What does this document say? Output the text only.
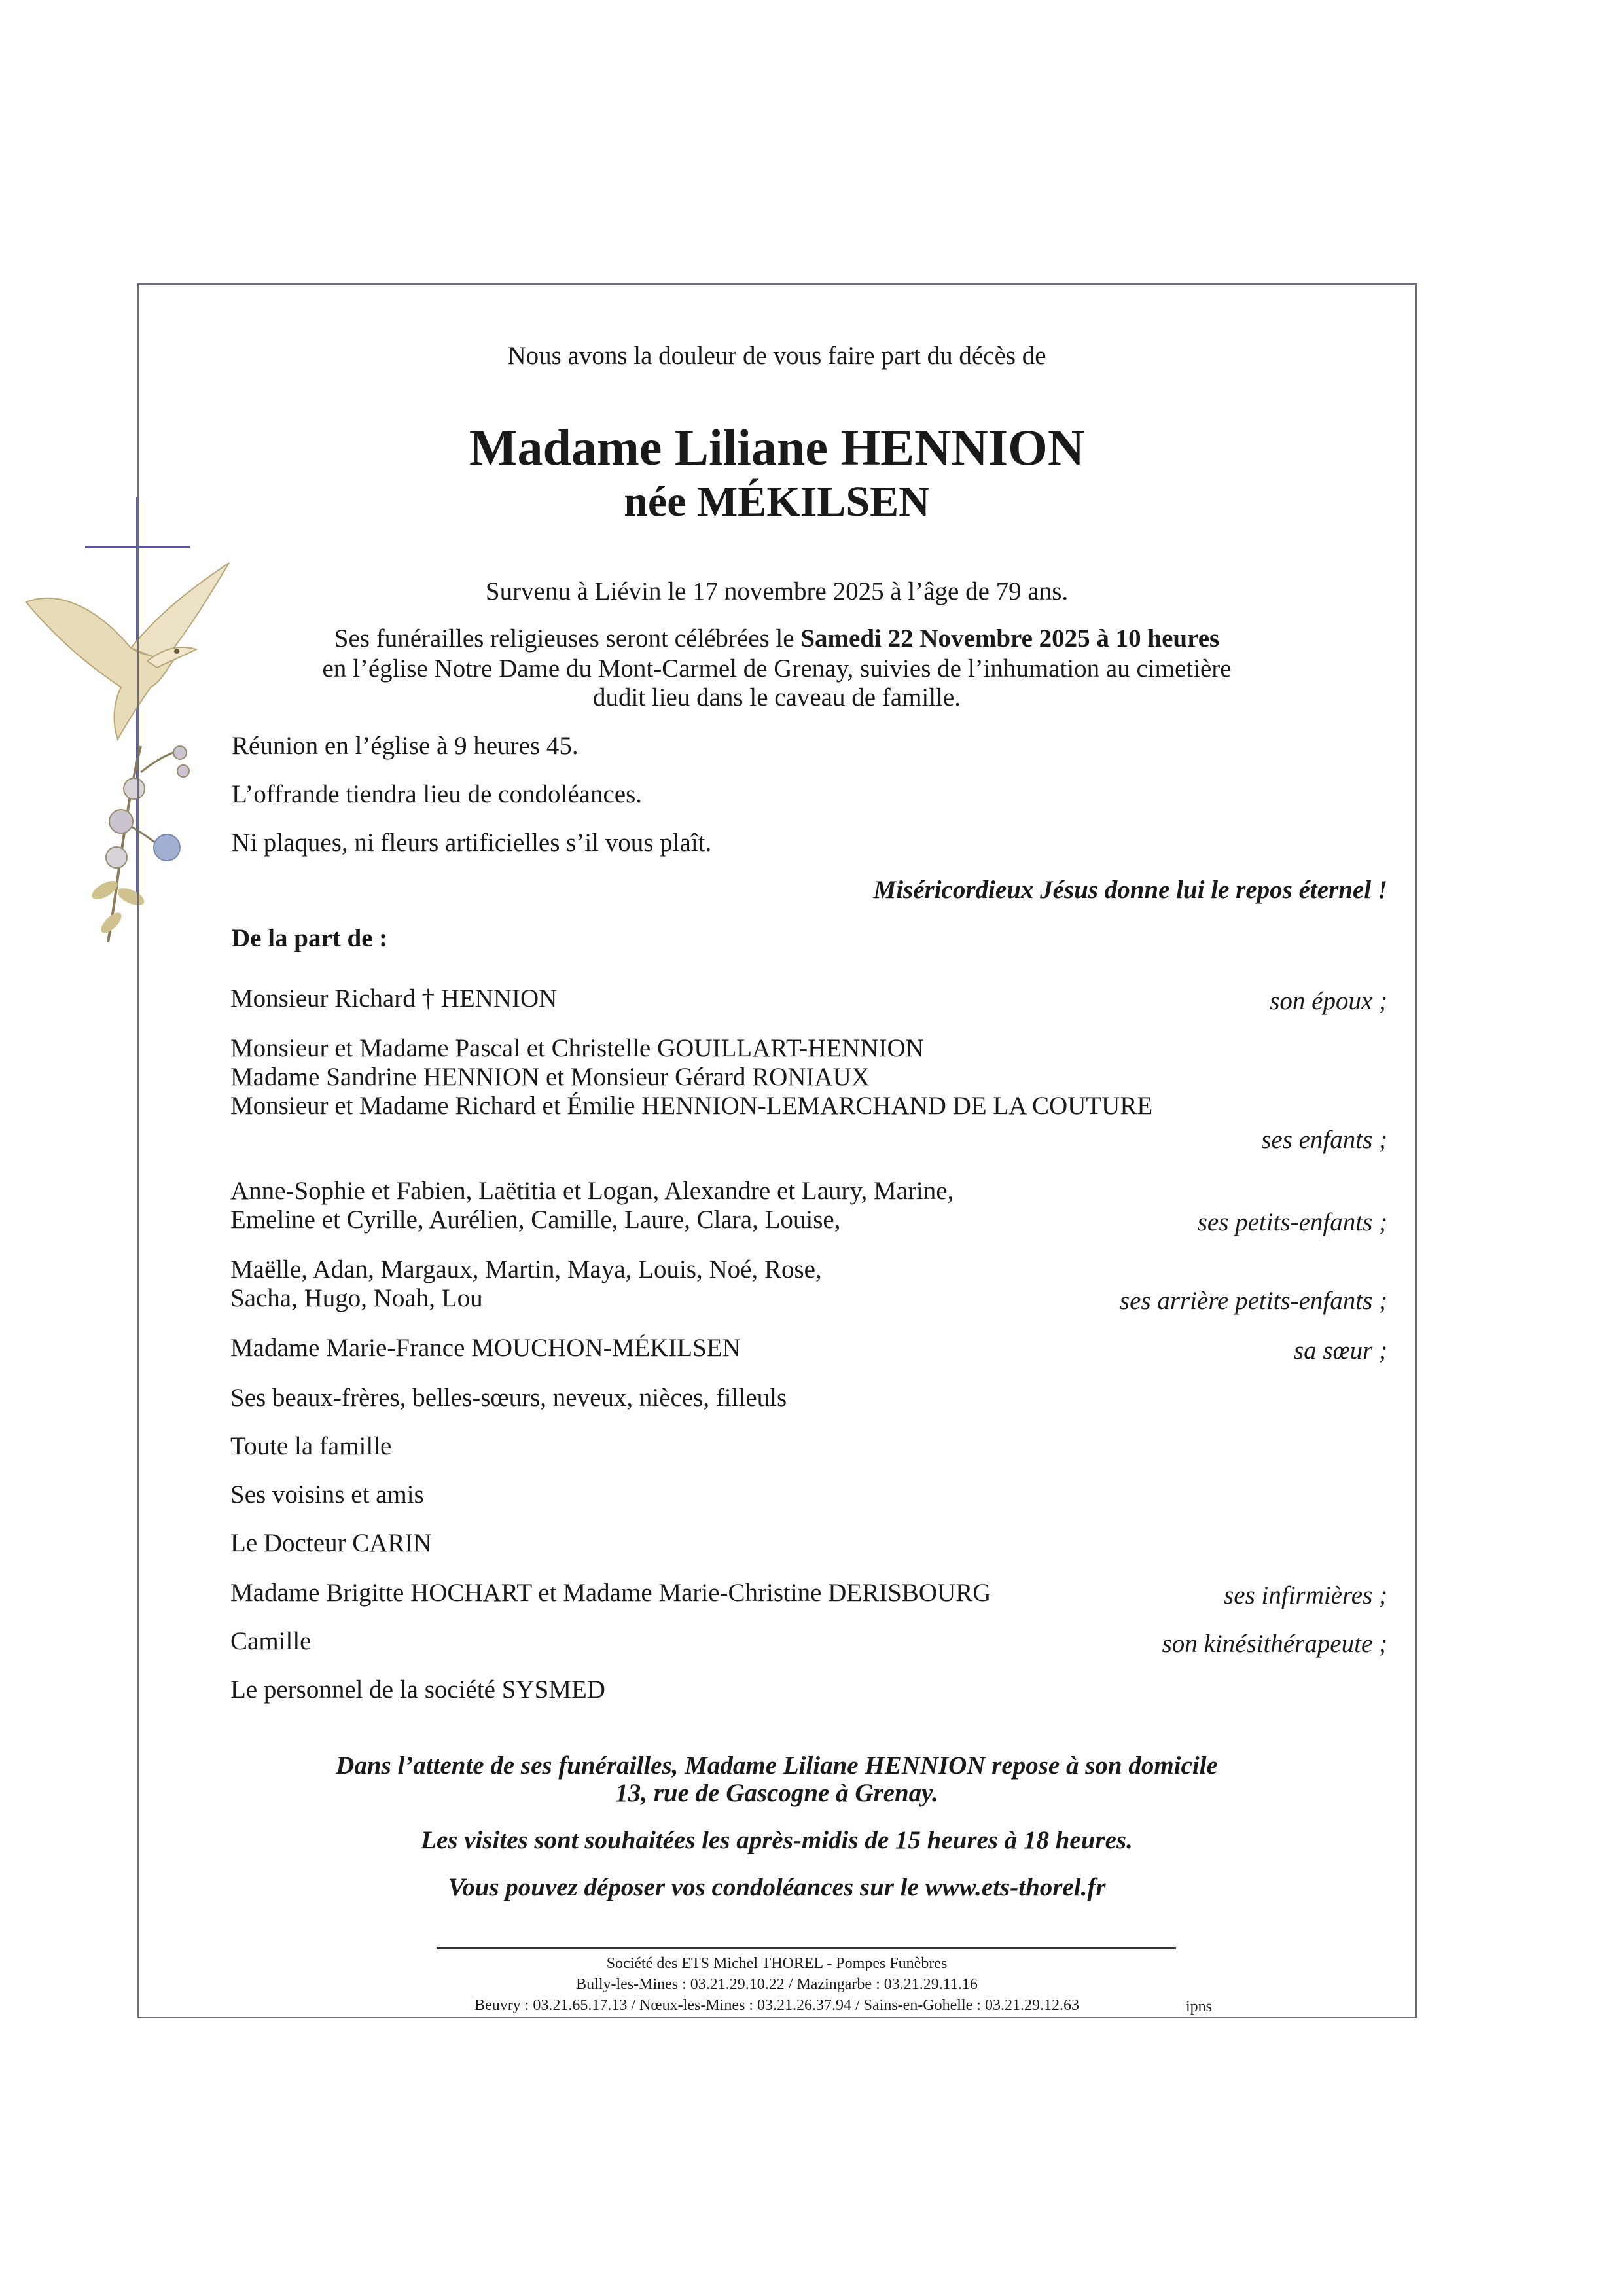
Nous avons la douleur de vous faire part du décès de
Madame Liliane HENNION
née MÉKILSEN
Survenu à Liévin le 17 novembre 2025 à l’âge de 79 ans.
Ses funérailles religieuses seront célébrées le Samedi 22 Novembre 2025 à 10 heures
en l’église Notre Dame du Mont-Carmel de Grenay, suivies de l’inhumation au cimetière
dudit lieu dans le caveau de famille.
Réunion en l’église à 9 heures 45.
L’offrande tiendra lieu de condoléances.
Ni plaques, ni fleurs artificielles s’il vous plaît.
Miséricordieux Jésus donne lui le repos éternel !
De la part de :
Monsieur Richard † HENNION	son époux ;
Monsieur et Madame Pascal et Christelle GOUILLART-HENNION
Madame Sandrine HENNION et Monsieur Gérard RONIAUX
Monsieur et Madame Richard et Émilie HENNION-LEMARCHAND DE LA COUTURE
ses enfants ;
Anne-Sophie et Fabien, Laëtitia et Logan, Alexandre et Laury, Marine,
Emeline et Cyrille, Aurélien, Camille, Laure, Clara, Louise,	ses petits-enfants ;
Maëlle, Adan, Margaux, Martin, Maya, Louis, Noé, Rose,
Sacha, Hugo, Noah, Lou	ses arrière petits-enfants ;
Madame Marie-France MOUCHON-MÉKILSEN	sa sœur ;
Ses beaux-frères, belles-sœurs, neveux, nièces, filleuls
Toute la famille
Ses voisins et amis
Le Docteur CARIN
Madame Brigitte HOCHART et Madame Marie-Christine DERISBOURG	ses infirmières ;
Camille	son kinésithérapeute ;
Le personnel de la société SYSMED
Dans l’attente de ses funérailles, Madame Liliane HENNION repose à son domicile
13, rue de Gascogne à Grenay.
Les visites sont souhaitées les après-midis de 15 heures à 18 heures.
Vous pouvez déposer vos condoléances sur le www.ets-thorel.fr
Société des ETS Michel THOREL - Pompes Funèbres
Bully-les-Mines : 03.21.29.10.22 / Mazingarbe : 03.21.29.11.16
Beuvry : 03.21.65.17.13 / Nœux-les-Mines : 03.21.26.37.94 / Sains-en-Gohelle : 03.21.29.12.63	ipns
